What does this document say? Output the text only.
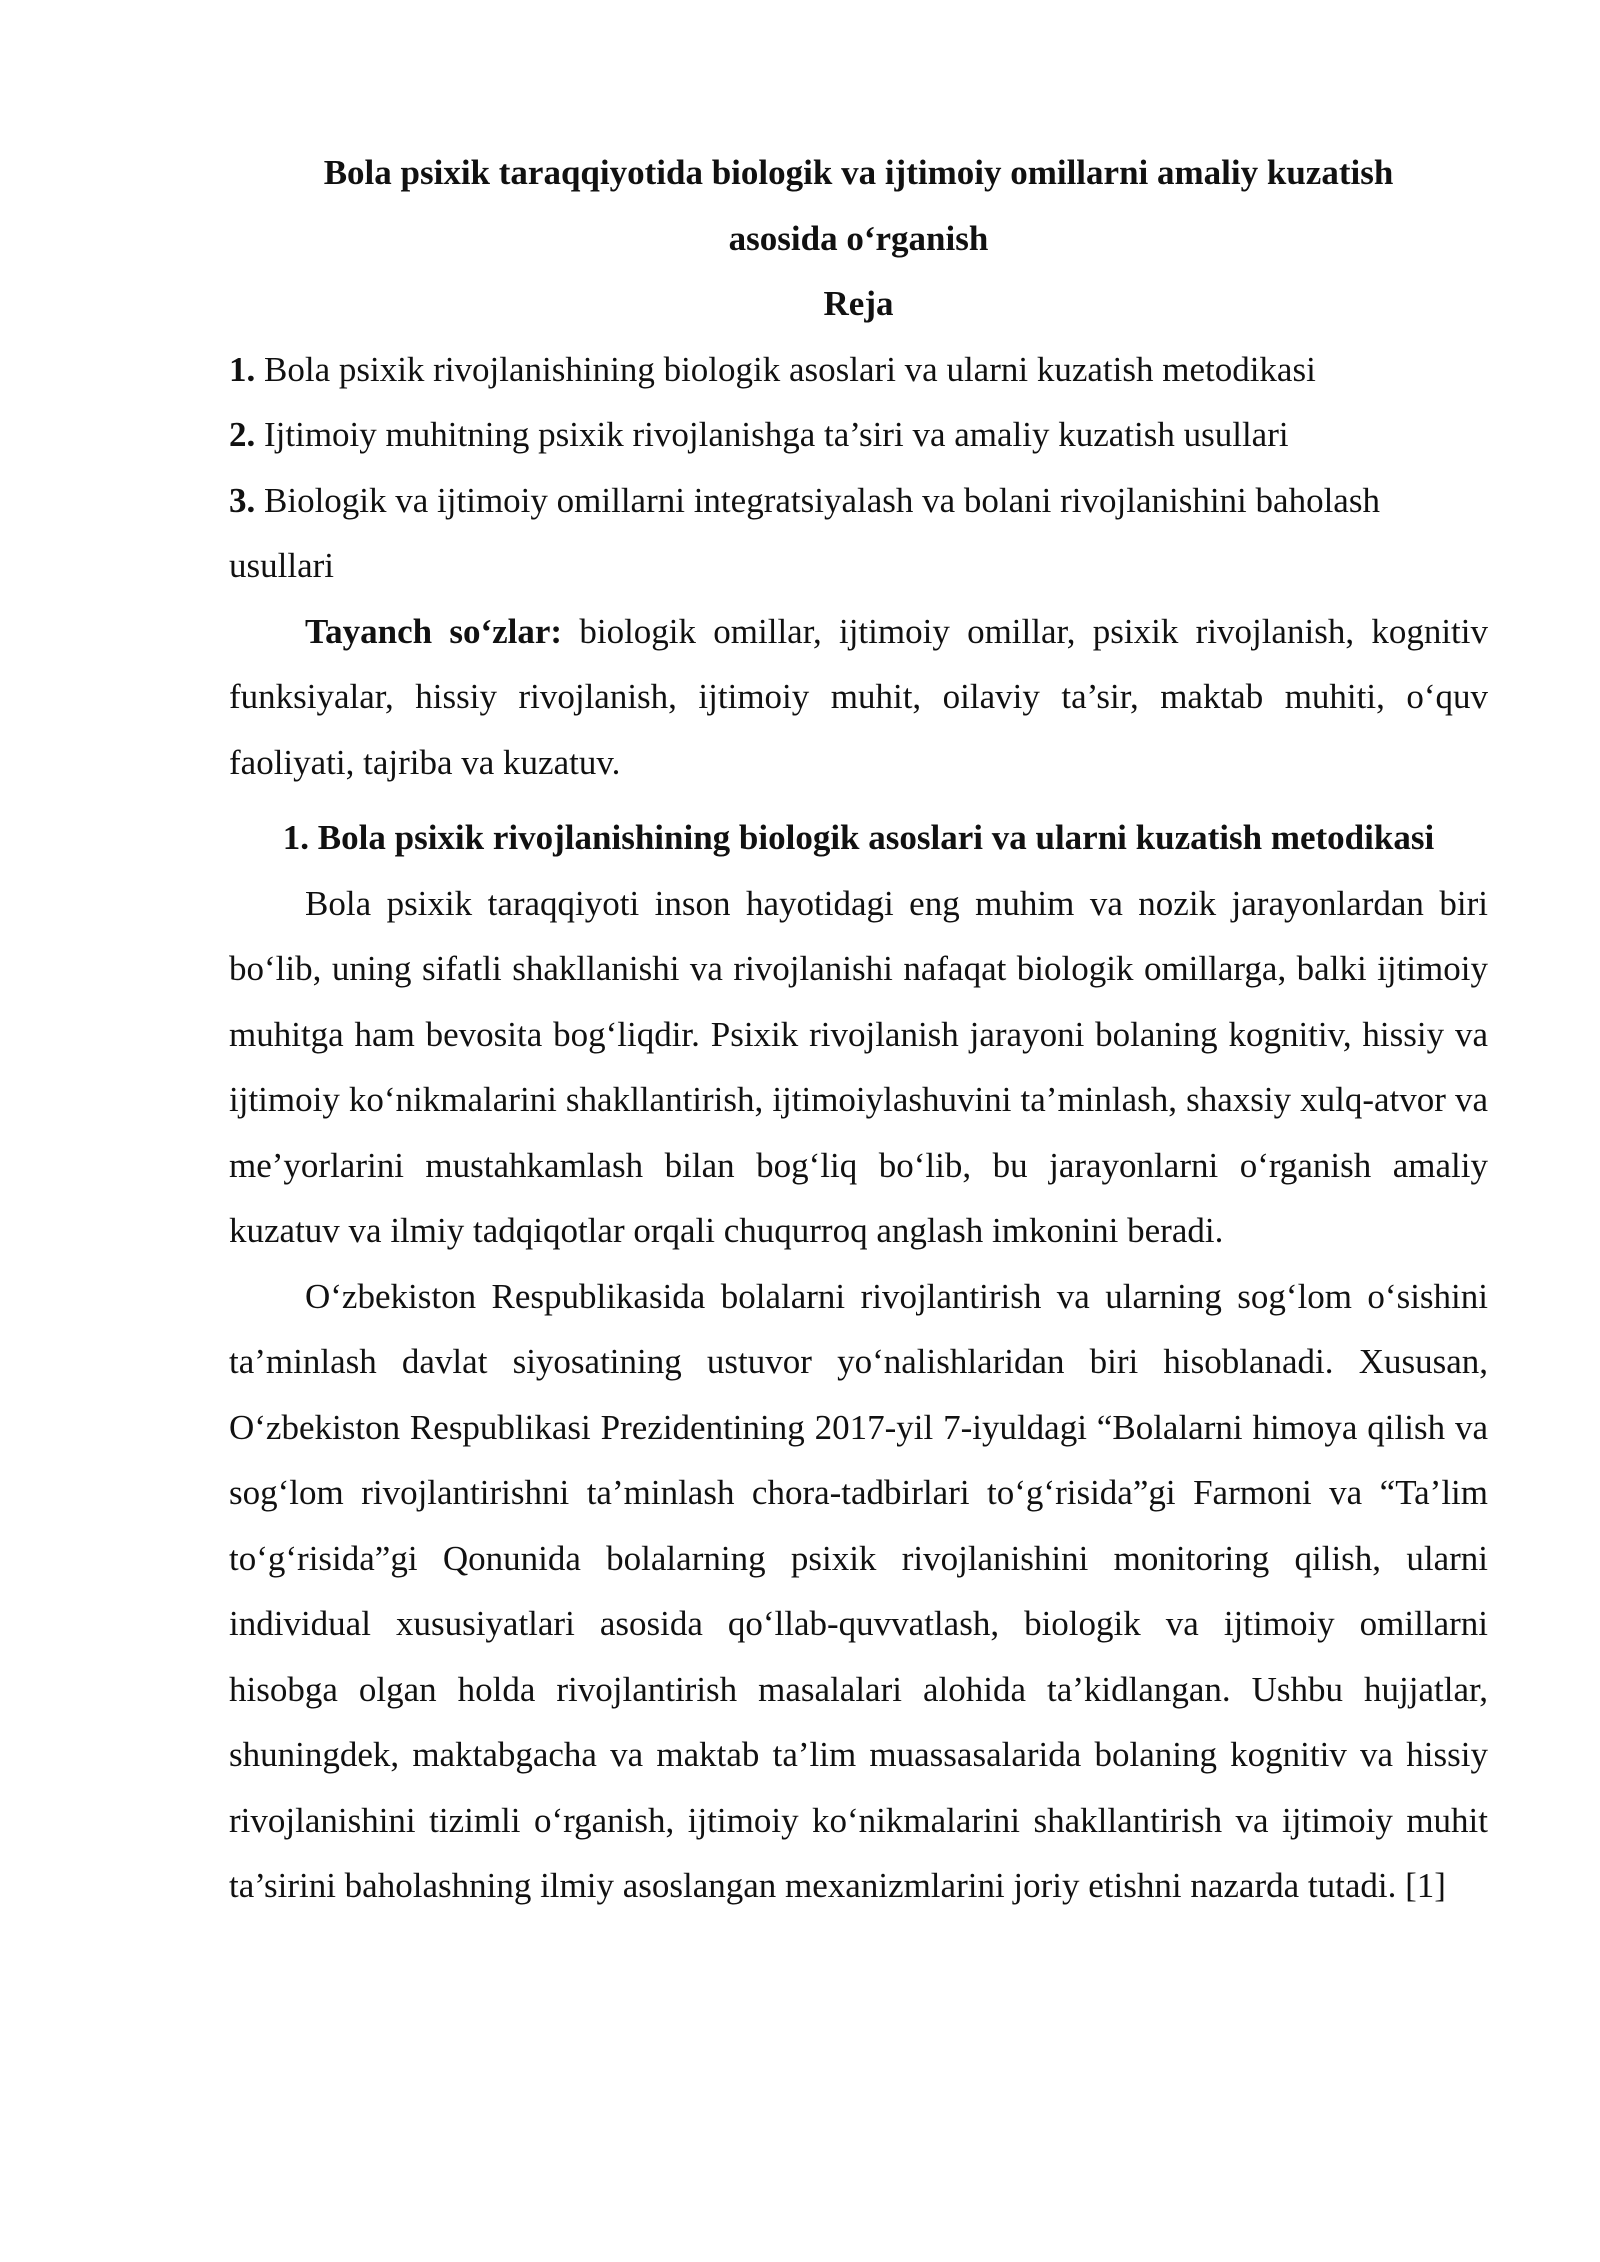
Bola psixik taraqqiyotida biologik va ijtimoiy omillarni amaliy kuzatish asosida o‘rganish
Reja

1. Bola psixik rivojlanishining biologik asoslari va ularni kuzatish metodikasi

2. Ijtimoiy muhitning psixik rivojlanishga ta’siri va amaliy kuzatish usullari

3. Biologik va ijtimoiy omillarni integratsiyalash va bolani rivojlanishini baholash usullari

Tayanch so‘zlar: biologik omillar, ijtimoiy omillar, psixik rivojlanish, kognitiv funksiyalar, hissiy rivojlanish, ijtimoiy muhit, oilaviy ta’sir, maktab muhiti, o‘quv faoliyati, tajriba va kuzatuv.

1. Bola psixik rivojlanishining biologik asoslari va ularni kuzatish metodikasi

Bola psixik taraqqiyoti inson hayotidagi eng muhim va nozik jarayonlardan biri bo‘lib, uning sifatli shakllanishi va rivojlanishi nafaqat biologik omillarga, balki ijtimoiy muhitga ham bevosita bog‘liqdir. Psixik rivojlanish jarayoni bolaning kognitiv, hissiy va ijtimoiy ko‘nikmalarini shakllantirish, ijtimoiylashuvini ta’minlash, shaxsiy xulq-atvor va me’yorlarini mustahkamlash bilan bog‘liq bo‘lib, bu jarayonlarni o‘rganish amaliy kuzatuv va ilmiy tadqiqotlar orqali chuqurroq anglash imkonini beradi.

O‘zbekiston Respublikasida bolalarni rivojlantirish va ularning sog‘lom o‘sishini ta’minlash davlat siyosatining ustuvor yo‘nalishlaridan biri hisoblanadi. Xususan, O‘zbekiston Respublikasi Prezidentining 2017-yil 7-iyuldagi “Bolalarni himoya qilish va sog‘lom rivojlantirishni ta’minlash chora-tadbirlari to‘g‘risida”gi Farmoni va “Ta’lim to‘g‘risida”gi Qonunida bolalarning psixik rivojlanishini monitoring qilish, ularni individual xususiyatlari asosida qo‘llab-quvvatlash, biologik va ijtimoiy omillarni hisobga olgan holda rivojlantirish masalalari alohida ta’kidlangan. Ushbu hujjatlar, shuningdek, maktabgacha va maktab ta’lim muassasalarida bolaning kognitiv va hissiy rivojlanishini tizimli o‘rganish, ijtimoiy ko‘nikmalarini shakllantirish va ijtimoiy muhit ta’sirini baholashning ilmiy asoslangan mexanizmlarini joriy etishni nazarda tutadi. [1]
